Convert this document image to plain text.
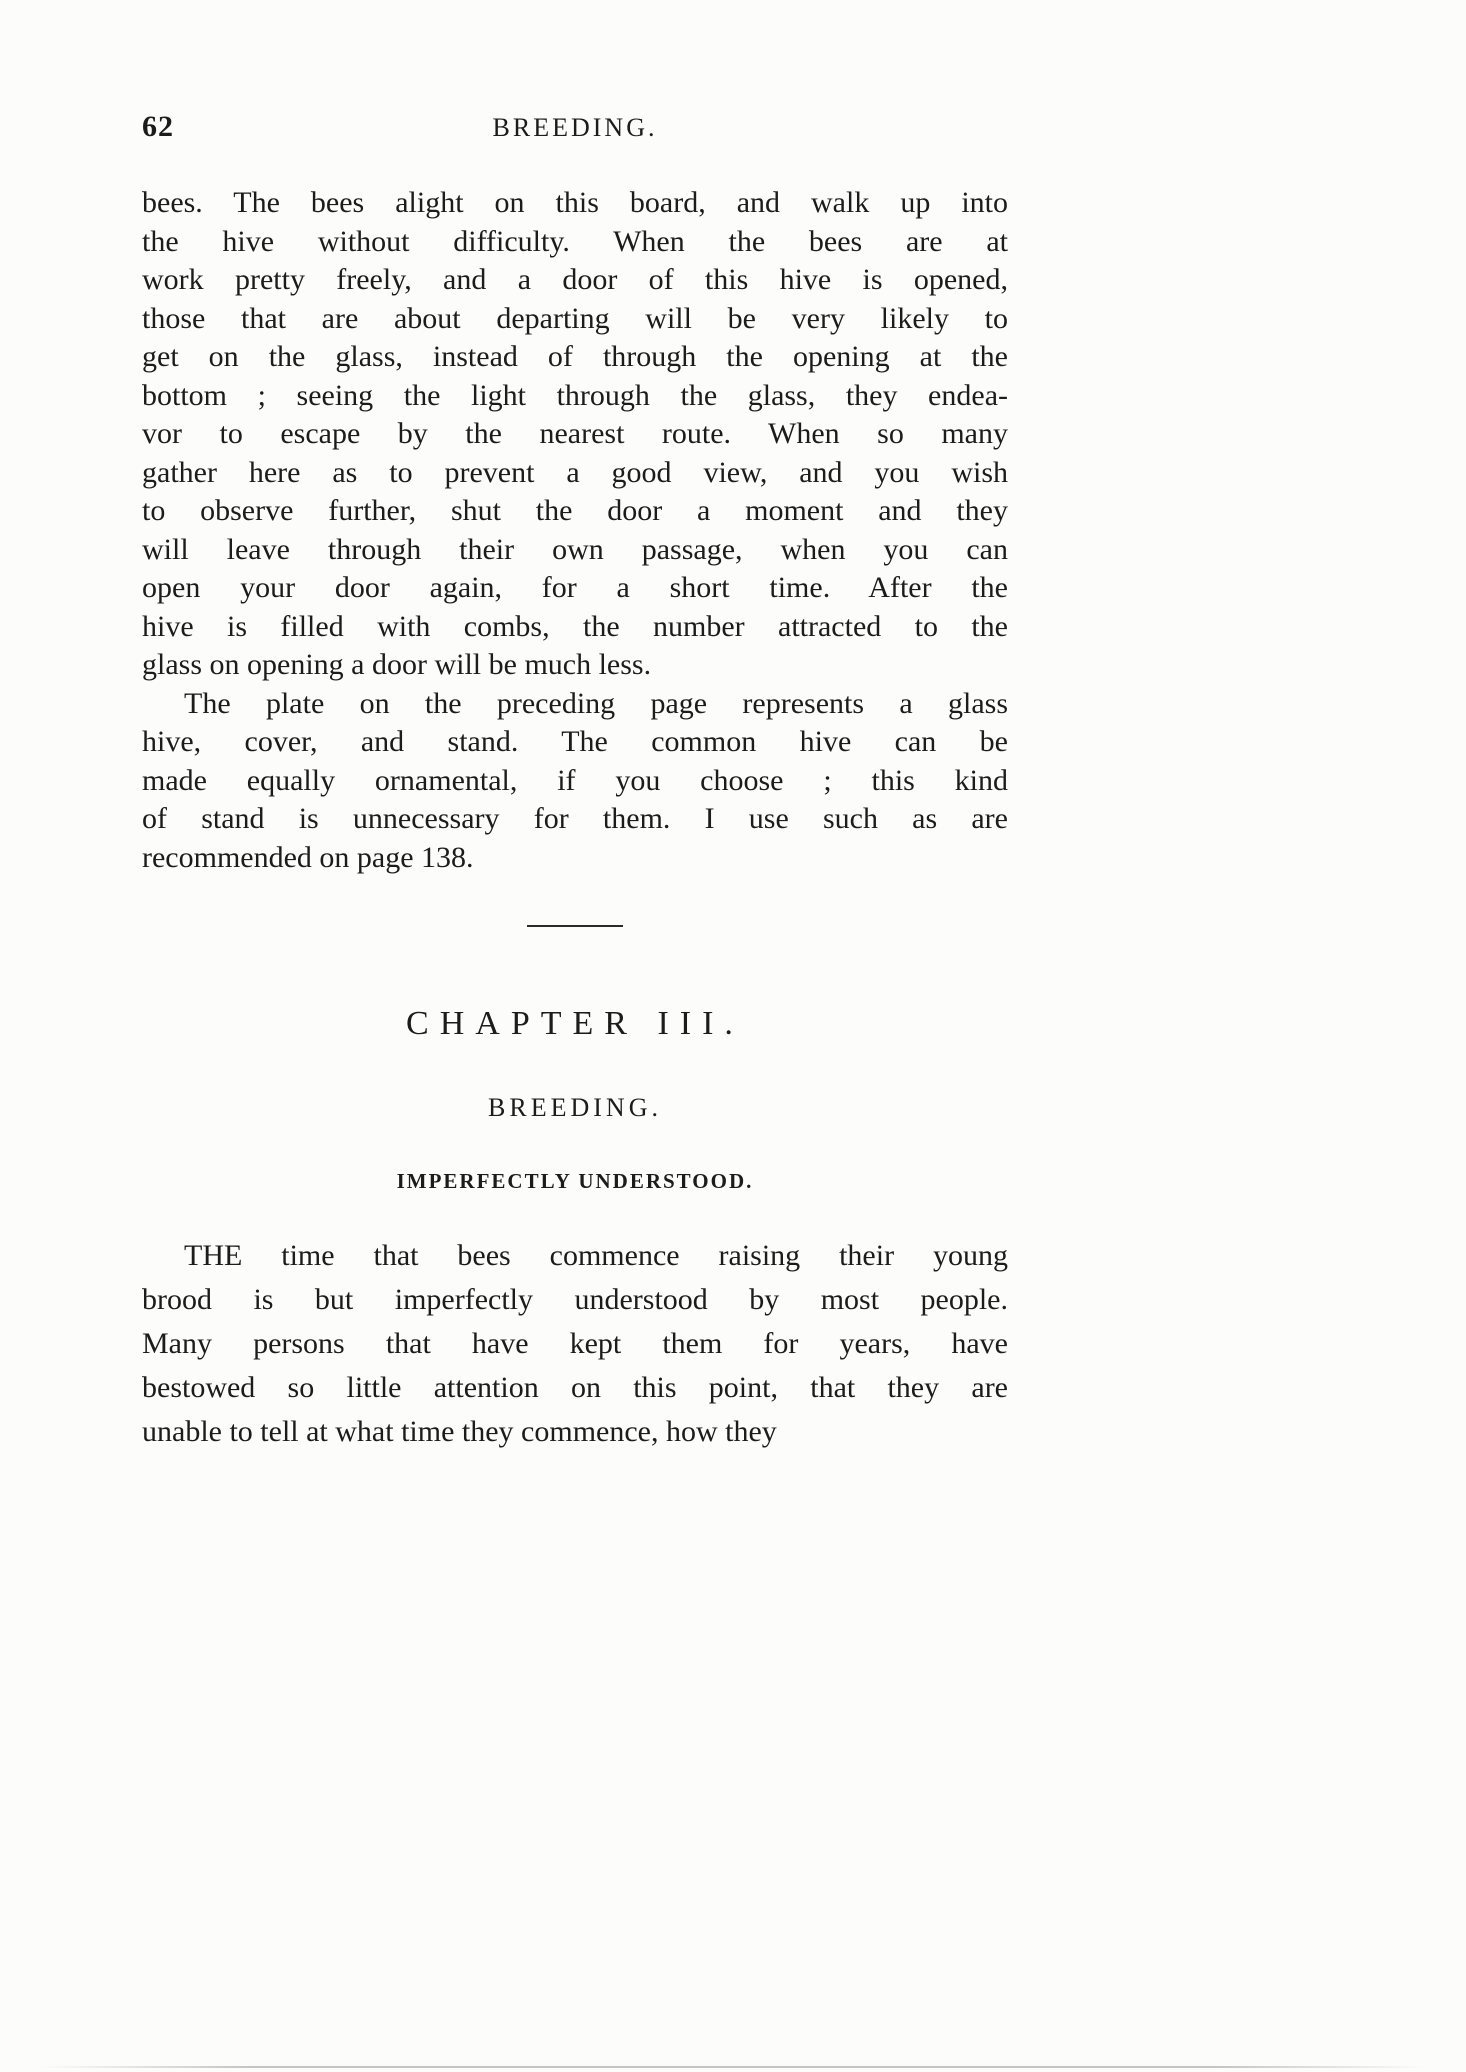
62	BREEDING.
bees. The bees alight on this board, and walk up into
the hive without difficulty. When the bees are at
work pretty freely, and a door of this hive is opened,
those that are about departing will be very likely to
get on the glass, instead of through the opening at the
bottom ; seeing the light through the glass, they endea-
vor to escape by the nearest route. When so many
gather here as to prevent a good view, and you wish
to observe further, shut the door a moment and they
will leave through their own passage, when you can
open your door again, for a short time. After the
hive is filled with combs, the number attracted to the
glass on opening a door will be much less.
The plate on the preceding page represents a glass
hive, cover, and stand. The common hive can be
made equally ornamental, if you choose ; this kind
of stand is unnecessary for them. I use such as are
recommended on page 138.
CHAPTER III.
BREEDING.
IMPERFECTLY UNDERSTOOD.
THE time that bees commence raising their young
brood is but imperfectly understood by most people.
Many persons that have kept them for years, have
bestowed so little attention on this point, that they are
unable to tell at what time they commence, how they
